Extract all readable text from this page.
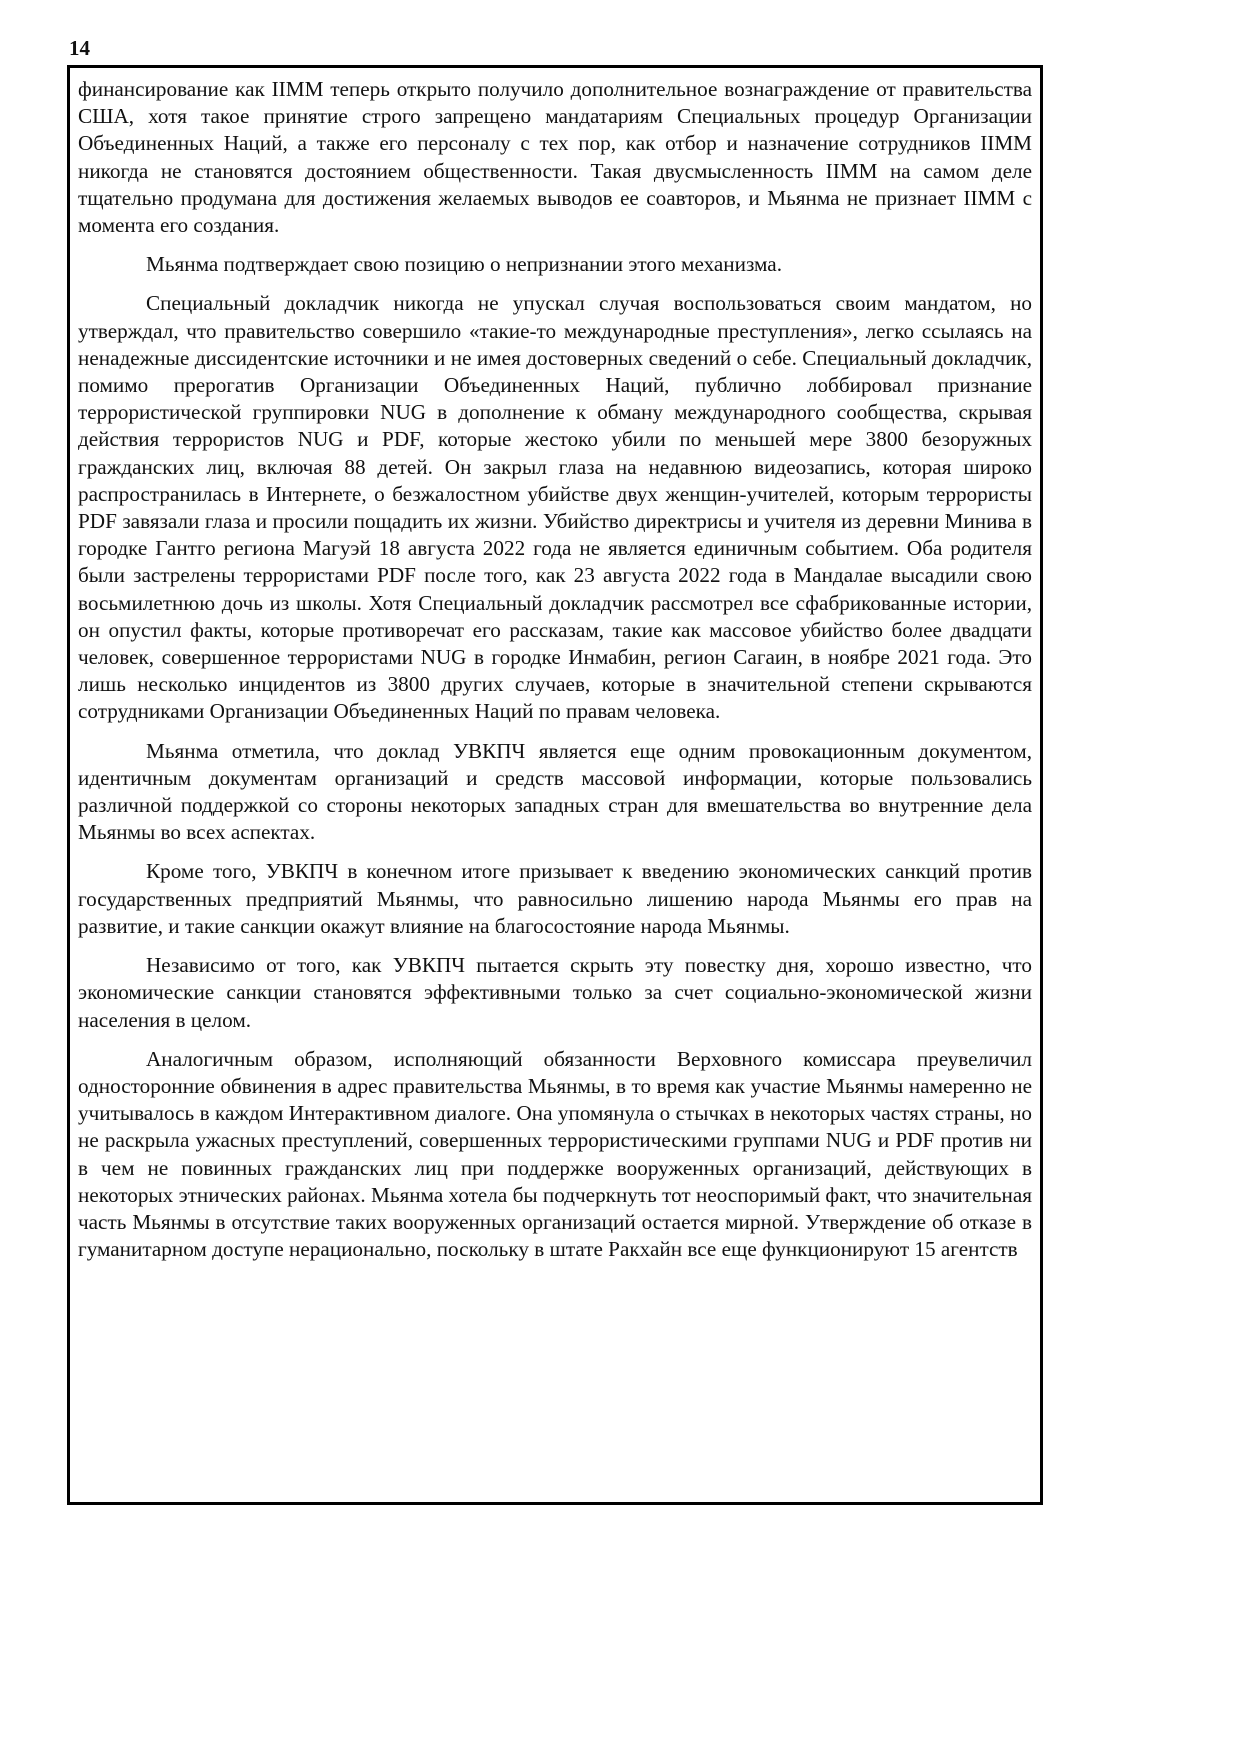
14

финансирование как IIMM теперь открыто получило дополнительное вознаграждение от правительства США, хотя такое принятие строго запрещено мандатариям Специальных процедур Организации Объединенных Наций, а также его персоналу с тех пор, как отбор и назначение сотрудников IIMM никогда не становятся достоянием общественности. Такая двусмысленность IIMM на самом деле тщательно продумана для достижения желаемых выводов ее соавторов, и Мьянма не признает IIMM с момента его создания.

Мьянма подтверждает свою позицию о непризнании этого механизма.

Специальный докладчик никогда не упускал случая воспользоваться своим мандатом, но утверждал, что правительство совершило «такие-то международные преступления», легко ссылаясь на ненадежные диссидентские источники и не имея достоверных сведений о себе. Специальный докладчик, помимо прерогатив Организации Объединенных Наций, публично лоббировал признание террористической группировки NUG в дополнение к обману международного сообщества, скрывая действия террористов NUG и PDF, которые жестоко убили по меньшей мере 3800 безоружных гражданских лиц, включая 88 детей. Он закрыл глаза на недавнюю видеозапись, которая широко распространилась в Интернете, о безжалостном убийстве двух женщин-учителей, которым террористы PDF завязали глаза и просили пощадить их жизни. Убийство директрисы и учителя из деревни Минива в городке Гантго региона Магуэй 18 августа 2022 года не является единичным событием. Оба родителя были застрелены террористами PDF после того, как 23 августа 2022 года в Мандалае высадили свою восьмилетнюю дочь из школы. Хотя Специальный докладчик рассмотрел все сфабрикованные истории, он опустил факты, которые противоречат его рассказам, такие как массовое убийство более двадцати человек, совершенное террористами NUG в городке Инмабин, регион Сагаин, в ноябре 2021 года. Это лишь несколько инцидентов из 3800 других случаев, которые в значительной степени скрываются сотрудниками Организации Объединенных Наций по правам человека.

Мьянма отметила, что доклад УВКПЧ является еще одним провокационным документом, идентичным документам организаций и средств массовой информации, которые пользовались различной поддержкой со стороны некоторых западных стран для вмешательства во внутренние дела Мьянмы во всех аспектах.

Кроме того, УВКПЧ в конечном итоге призывает к введению экономических санкций против государственных предприятий Мьянмы, что равносильно лишению народа Мьянмы его прав на развитие, и такие санкции окажут влияние на благосостояние народа Мьянмы.

Независимо от того, как УВКПЧ пытается скрыть эту повестку дня, хорошо известно, что экономические санкции становятся эффективными только за счет социально-экономической жизни населения в целом.

Аналогичным образом, исполняющий обязанности Верховного комиссара преувеличил односторонние обвинения в адрес правительства Мьянмы, в то время как участие Мьянмы намеренно не учитывалось в каждом Интерактивном диалоге. Она упомянула о стычках в некоторых частях страны, но не раскрыла ужасных преступлений, совершенных террористическими группами NUG и PDF против ни в чем не повинных гражданских лиц при поддержке вооруженных организаций, действующих в некоторых этнических районах. Мьянма хотела бы подчеркнуть тот неоспоримый факт, что значительная часть Мьянмы в отсутствие таких вооруженных организаций остается мирной. Утверждение об отказе в гуманитарном доступе нерационально, поскольку в штате Ракхайн все еще функционируют 15 агентств
